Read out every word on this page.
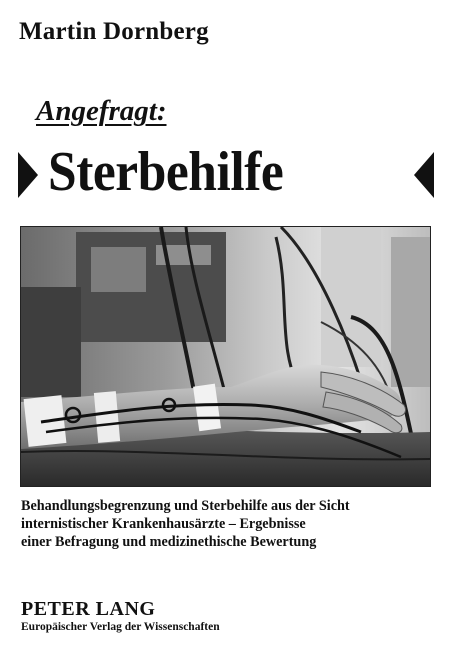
Martin Dornberg
Angefragt:
Sterbehilfe
Behandlungsbegrenzung und Sterbehilfe aus der Sicht
internistischer Krankenhausärzte – Ergebnisse
einer Befragung und medizinethische Bewertung
PETER LANG
Europäischer Verlag der Wissenschaften
